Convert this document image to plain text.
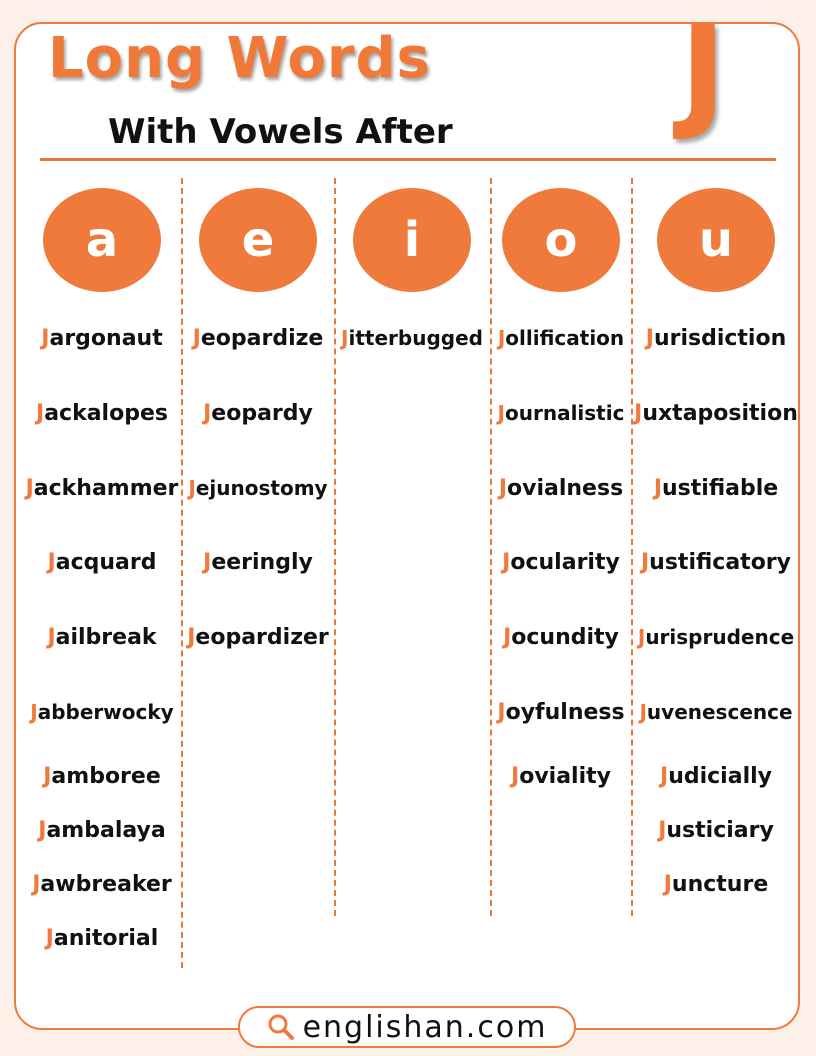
Long Words
With Vowels After J
a
Jargonaut
Jackalopes
Jackhammer
Jacquard
Jailbreak
Jabberwocky
Jamboree
Jambalaya
Jawbreaker
Janitorial
e
Jeopardize
Jeopardy
Jejunostomy
Jeeringly
Jeopardizer
i
Jitterbugged
o
Jollification
Journalistic
Jovialness
Jocularity
Jocundity
Joyfulness
Joviality
u
Jurisdiction
Juxtaposition
Justifiable
Justificatory
Jurisprudence
Juvenescence
Judicially
Justiciary
Juncture
englishan.com
